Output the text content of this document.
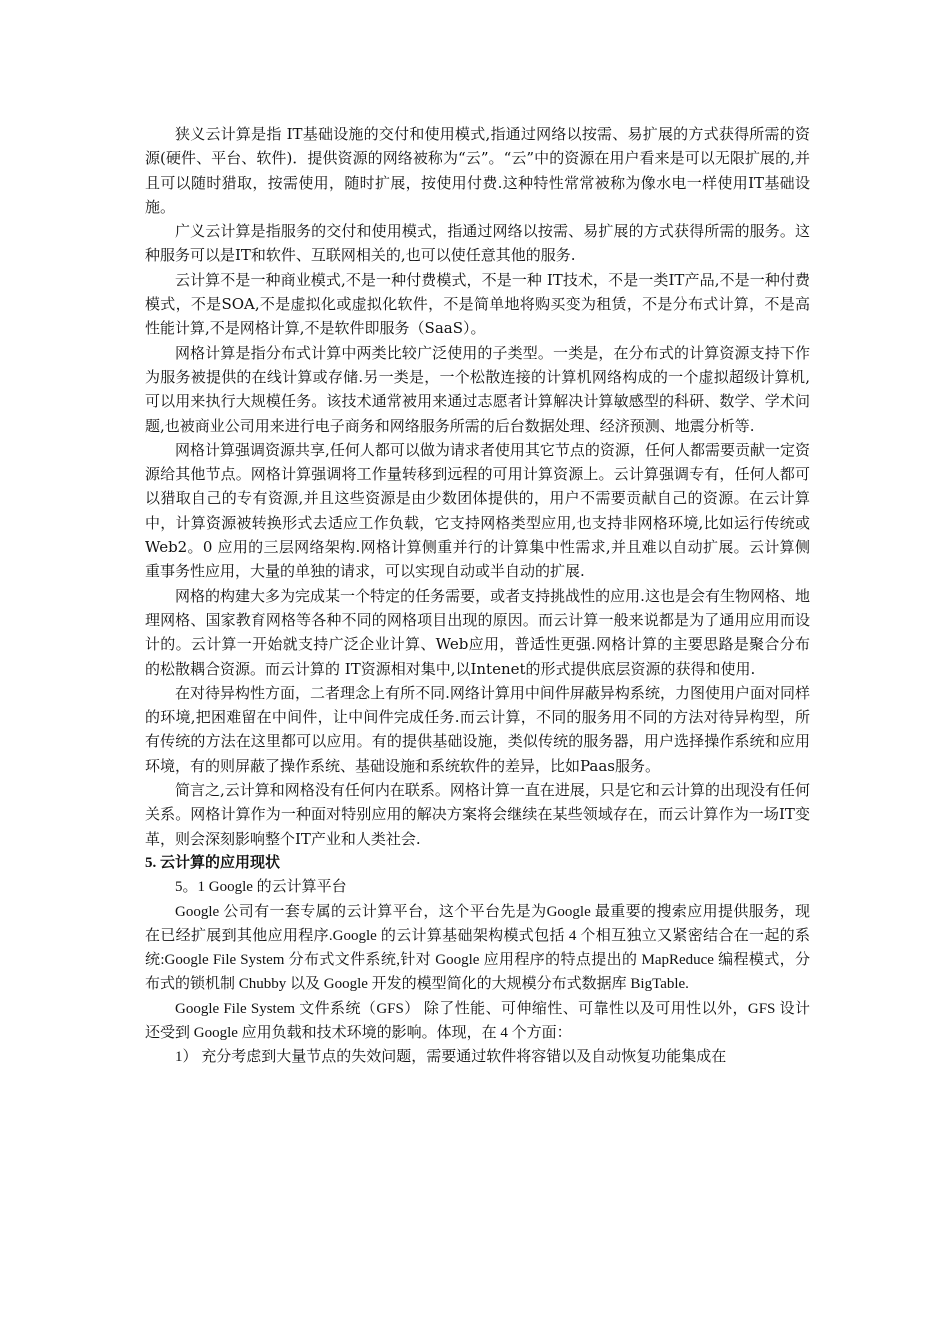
狭义云计算是指 IT基础设施的交付和使用模式,指通过网络以按需、易扩展的方式获得所需的资源(硬件、平台、软件)．提供资源的网络被称为“云”。“云”中的资源在用户看来是可以无限扩展的,并且可以随时猎取，按需使用，随时扩展，按使用付费.这种特性常常被称为像水电一样使用IT基础设施。

广义云计算是指服务的交付和使用模式，指通过网络以按需、易扩展的方式获得所需的服务。这种服务可以是IT和软件、互联网相关的,也可以使任意其他的服务.

云计算不是一种商业模式,不是一种付费模式，不是一种 IT技术，不是一类IT产品,不是一种付费模式，不是SOA,不是虚拟化或虚拟化软件，不是简单地将购买变为租赁，不是分布式计算，不是高性能计算,不是网格计算,不是软件即服务（SaaS）。

网格计算是指分布式计算中两类比较广泛使用的子类型。一类是，在分布式的计算资源支持下作为服务被提供的在线计算或存储.另一类是，一个松散连接的计算机网络构成的一个虚拟超级计算机,可以用来执行大规模任务。该技术通常被用来通过志愿者计算解决计算敏感型的科研、数学、学术问题,也被商业公司用来进行电子商务和网络服务所需的后台数据处理、经济预测、地震分析等.

网格计算强调资源共享,任何人都可以做为请求者使用其它节点的资源，任何人都需要贡献一定资源给其他节点。网格计算强调将工作量转移到远程的可用计算资源上。云计算强调专有，任何人都可以猎取自己的专有资源,并且这些资源是由少数团体提供的，用户不需要贡献自己的资源。在云计算中，计算资源被转换形式去适应工作负载，它支持网格类型应用,也支持非网格环境,比如运行传统或 Web2。0 应用的三层网络架构.网格计算侧重并行的计算集中性需求,并且难以自动扩展。云计算侧重事务性应用，大量的单独的请求，可以实现自动或半自动的扩展.

网格的构建大多为完成某一个特定的任务需要，或者支持挑战性的应用.这也是会有生物网格、地理网格、国家教育网格等各种不同的网格项目出现的原因。而云计算一般来说都是为了通用应用而设计的。云计算一开始就支持广泛企业计算、Web应用，普适性更强.网格计算的主要思路是聚合分布的松散耦合资源。而云计算的 IT资源相对集中,以Intenet的形式提供底层资源的获得和使用.

在对待异构性方面，二者理念上有所不同.网络计算用中间件屏蔽异构系统，力图使用户面对同样的环境,把困难留在中间件，让中间件完成任务.而云计算，不同的服务用不同的方法对待异构型，所有传统的方法在这里都可以应用。有的提供基础设施，类似传统的服务器，用户选择操作系统和应用环境，有的则屏蔽了操作系统、基础设施和系统软件的差异，比如Paas服务。

简言之,云计算和网格没有任何内在联系。网格计算一直在进展，只是它和云计算的出现没有任何关系。网格计算作为一种面对特别应用的解决方案将会继续在某些领域存在，而云计算作为一场IT变革，则会深刻影响整个IT产业和人类社会.

5. 云计算的应用现状

5。1 Google 的云计算平台

Google 公司有一套专属的云计算平台，这个平台先是为Google 最重要的搜索应用提供服务，现在已经扩展到其他应用程序.Google 的云计算基础架构模式包括 4 个相互独立又紧密结合在一起的系统:Google File System 分布式文件系统,针对 Google 应用程序的特点提出的 MapReduce 编程模式，分布式的锁机制 Chubby 以及 Google 开发的模型简化的大规模分布式数据库 BigTable.

Google File System 文件系统（GFS） 除了性能、可伸缩性、可靠性以及可用性以外，GFS 设计还受到 Google 应用负载和技术环境的影响。体现，在 4 个方面：

1） 充分考虑到大量节点的失效问题，需要通过软件将容错以及自动恢复功能集成在
